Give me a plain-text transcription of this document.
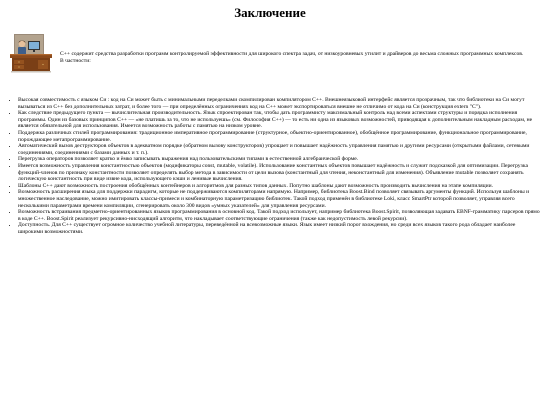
Заключение

C++ содержит средства разработки программ контролируемой эффективности для широкого спектра задач, от низкоуровневых утилит и драйверов до весьма сложных программных комплексов. В частности:

• Высокая совместимость с языком Си : код на Си может быть с минимальными переделками скомпилирован компилятором C++. Внешнеязыковой интерфейс является прозрачным, так что библиотеки на Си могут вызываться из C++ без дополнительных затрат, и более того — при определённых ограничениях код на C++ может экспортироваться внешне не отличимо от кода на Си (конструкция extern "C").
• Как следствие предыдущего пункта — вычислительная производительность. Язык спроектирован так, чтобы дать программисту максимальный контроль над всеми аспектами структуры и порядка исполнения программы. Один из базовых принципов C++ — «не платишь за то, что не используешь» (см. Философия C++) — то есть ни одна из языковых возможностей, приводящая к дополнительным накладным расходам, не является обязательной для использования. Имеется возможность работы с памятью на низком уровне.
• Поддержка различных стилей программирования: традиционное императивное программирование (структурное, объектно-ориентированное), обобщённое программирование, функциональное программирование, порождающее метапрограммирование.
• Автоматический вызов деструкторов объектов в адекватном порядке (обратном вызову конструкторов) упрощает и повышает надёжность управления памятью и другими ресурсами (открытыми файлами, сетевыми соединениями, соединениями с базами данных и т. п.).
• Перегрузка операторов позволяет кратко и ёмко записывать выражения над пользовательскими типами в естественной алгебраической форме.
• Имеется возможность управления константностью объектов (модификаторы const, mutable, volatile). Использование константных объектов повышает надёжность и служит подсказкой для оптимизации. Перегрузка функций-членов по признаку константности позволяет определять выбор метода в зависимости от цели вызова (константный для чтения, неконстантный для изменения). Объявление mutable позволяет сохранять логическую константность при виде извне кода, использующего кэши и ленивые вычисления.
• Шаблоны C++ дают возможность построения обобщённых контейнеров и алгоритмов для разных типов данных. Попутно шаблоны дают возможность производить вычисления на этапе компиляции.
• Возможность расширения языка для поддержки парадигм, которые не поддерживаются компиляторами напрямую. Например, библиотека Boost.Bind позволяет связывать аргументы функций. Используя шаблоны и множественное наследование, можно имитировать классы-примеси и комбинаторную параметризацию библиотек. Такой подход применён в библиотеке Loki, класс SmartPtr которой позволяет, управляя всего несколькими параметрами времени компиляции, сгенерировать около 300 видов «умных указателей» для управления ресурсами.
• Возможность встраивания предметно-ориентированных языков программирования в основной код. Такой подход использует, например библиотека Boost.Spirit, позволяющая задавать EBNF-грамматику парсеров прямо в коде C++. Boost.Spirit реализует рекурсивно-нисходящий алгоритм, что накладывает соответствующие ограничения (также как недопустимость левой рекурсии).
• Доступность. Для C++ существует огромное количество учебной литературы, переведённой на всевозможные языки. Язык имеет низкий порог вхождения, но среди всех языков такого рода обладает наиболее широкими возможностями.
